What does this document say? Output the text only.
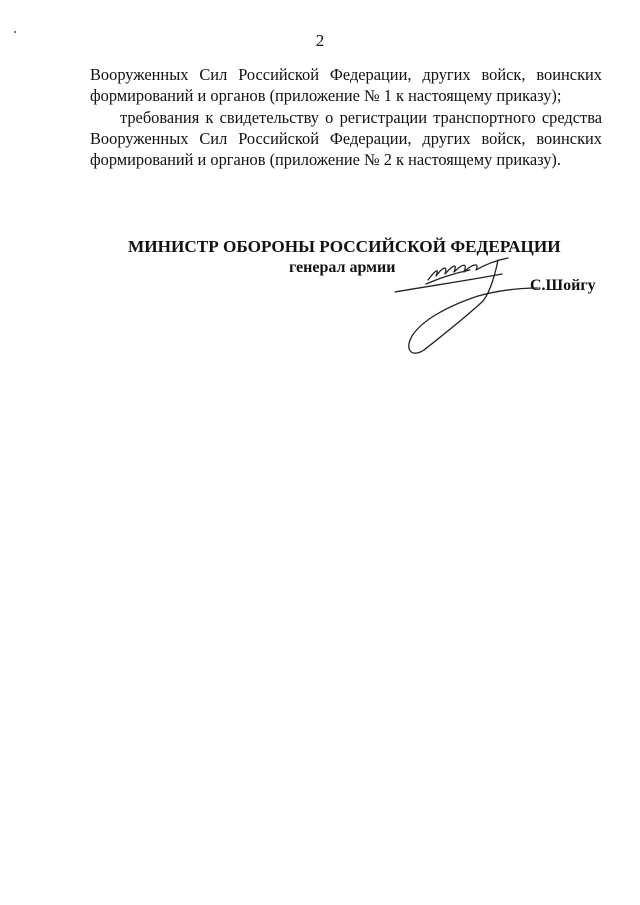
2

Вооруженных Сил Российской Федерации, других войск, воинских формирований и органов (приложение № 1 к настоящему приказу);

требования к свидетельству о регистрации транспортного средства Вооруженных Сил Российской Федерации, других войск, воинских формирований и органов (приложение № 2 к настоящему приказу).

МИНИСТР ОБОРОНЫ РОССИЙСКОЙ ФЕДЕРАЦИИ
генерал армии
С.Шойгу
